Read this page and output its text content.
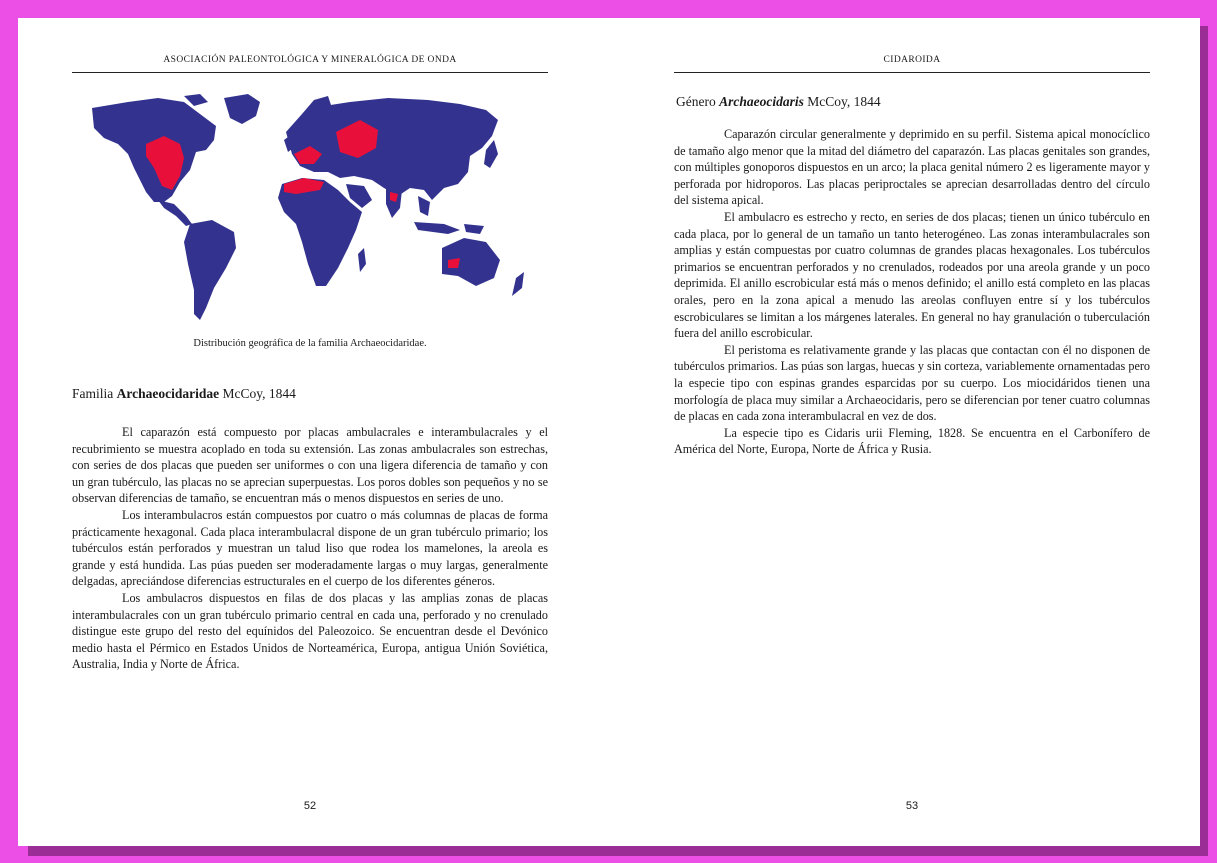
ASOCIACIÓN PALEONTOLÓGICA Y MINERALÓGICA DE ONDA
Distribución geográfica de la familia Archaeocidaridae.
Familia Archaeocidaridae McCoy, 1844

El caparazón está compuesto por placas ambulacrales e interambulacrales y el recubrimiento se muestra acoplado en toda su extensión. Las zonas ambulacrales son estrechas, con series de dos placas que pueden ser uniformes o con una ligera diferencia de tamaño y con un gran tubérculo, las placas no se aprecian superpuestas. Los poros dobles son pequeños y no se observan diferencias de tamaño, se encuentran más o menos dispuestos en series de uno.

Los interambulacros están compuestos por cuatro o más columnas de placas de forma prácticamente hexagonal. Cada placa interambulacral dispone de un gran tubérculo primario; los tubérculos están perforados y muestran un talud liso que rodea los mamelones, la areola es grande y está hundida. Las púas pueden ser moderadamente largas o muy largas, generalmente delgadas, apreciándose diferencias estructurales en el cuerpo de los diferentes géneros.

Los ambulacros dispuestos en filas de dos placas y las amplias zonas de placas interambulacrales con un gran tubérculo primario central en cada una, perforado y no crenulado distingue este grupo del resto del equínidos del Paleozoico. Se encuentran desde el Devónico medio hasta el Pérmico en Estados Unidos de Norteamérica, Europa, antigua Unión Soviética, Australia, India y Norte de África.

52
CIDAROIDA
Género Archaeocidaris McCoy, 1844

Caparazón circular generalmente y deprimido en su perfil. Sistema apical monocíclico de tamaño algo menor que la mitad del diámetro del caparazón. Las placas genitales son grandes, con múltiples gonoporos dispuestos en un arco; la placa genital número 2 es ligeramente mayor y perforada por hidroporos. Las placas periproctales se aprecian desarrolladas dentro del círculo del sistema apical.

El ambulacro es estrecho y recto, en series de dos placas; tienen un único tubérculo en cada placa, por lo general de un tamaño un tanto heterogéneo. Las zonas interambulacrales son amplias y están compuestas por cuatro columnas de grandes placas hexagonales. Los tubérculos primarios se encuentran perforados y no crenulados, rodeados por una areola grande y un poco deprimida. El anillo escrobicular está más o menos definido; el anillo está completo en las placas orales, pero en la zona apical a menudo las areolas confluyen entre sí y los tubérculos escrobiculares se limitan a los márgenes laterales. En general no hay granulación o tuberculación fuera del anillo escrobicular.

El peristoma es relativamente grande y las placas que contactan con él no disponen de tubérculos primarios. Las púas son largas, huecas y sin corteza, variablemente ornamentadas pero la especie tipo con espinas grandes esparcidas por su cuerpo. Los miocidáridos tienen una morfología de placa muy similar a Archaeocidaris, pero se diferencian por tener cuatro columnas de placas en cada zona interambulacral en vez de dos.

La especie tipo es Cidaris urii Fleming, 1828. Se encuentra en el Carbonífero de América del Norte, Europa, Norte de África y Rusia.

53
